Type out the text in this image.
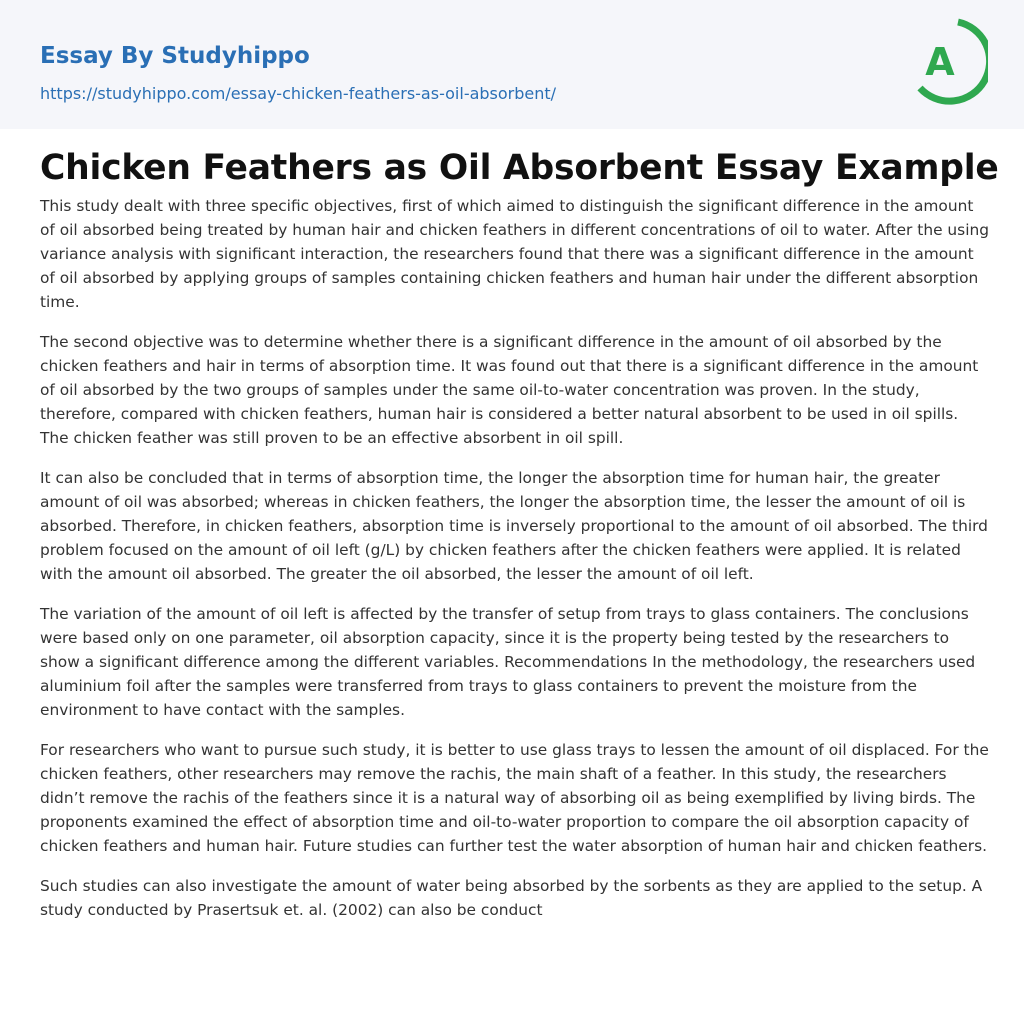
Essay By Studyhippo
https://studyhippo.com/essay-chicken-feathers-as-oil-absorbent/
A
Chicken Feathers as Oil Absorbent Essay Example

This study dealt with three specific objectives, first of which aimed to distinguish the significant difference in the amount of oil absorbed being treated by human hair and chicken feathers in different concentrations of oil to water. After the using variance analysis with significant interaction, the researchers found that there was a significant difference in the amount of oil absorbed by applying groups of samples containing chicken feathers and human hair under the different absorption time.

The second objective was to determine whether there is a significant difference in the amount of oil absorbed by the chicken feathers and hair in terms of absorption time. It was found out that there is a significant difference in the amount of oil absorbed by the two groups of samples under the same oil-to-water concentration was proven. In the study, therefore, compared with chicken feathers, human hair is considered a better natural absorbent to be used in oil spills. The chicken feather was still proven to be an effective absorbent in oil spill.

It can also be concluded that in terms of absorption time, the longer the absorption time for human hair, the greater amount of oil was absorbed; whereas in chicken feathers, the longer the absorption time, the lesser the amount of oil is absorbed. Therefore, in chicken feathers, absorption time is inversely proportional to the amount of oil absorbed. The third problem focused on the amount of oil left (g/L) by chicken feathers after the chicken feathers were applied. It is related with the amount oil absorbed. The greater the oil absorbed, the lesser the amount of oil left.

The variation of the amount of oil left is affected by the transfer of setup from trays to glass containers. The conclusions were based only on one parameter, oil absorption capacity, since it is the property being tested by the researchers to show a significant difference among the different variables. Recommendations In the methodology, the researchers used aluminium foil after the samples were transferred from trays to glass containers to prevent the moisture from the environment to have contact with the samples.

For researchers who want to pursue such study, it is better to use glass trays to lessen the amount of oil displaced. For the chicken feathers, other researchers may remove the rachis, the main shaft of a feather. In this study, the researchers didn’t remove the rachis of the feathers since it is a natural way of absorbing oil as being exemplified by living birds. The proponents examined the effect of absorption time and oil-to-water proportion to compare the oil absorption capacity of chicken feathers and human hair. Future studies can further test the water absorption of human hair and chicken feathers.

Such studies can also investigate the amount of water being absorbed by the sorbents as they are applied to the setup. A study conducted by Prasertsuk et. al. (2002) can also be conduct
